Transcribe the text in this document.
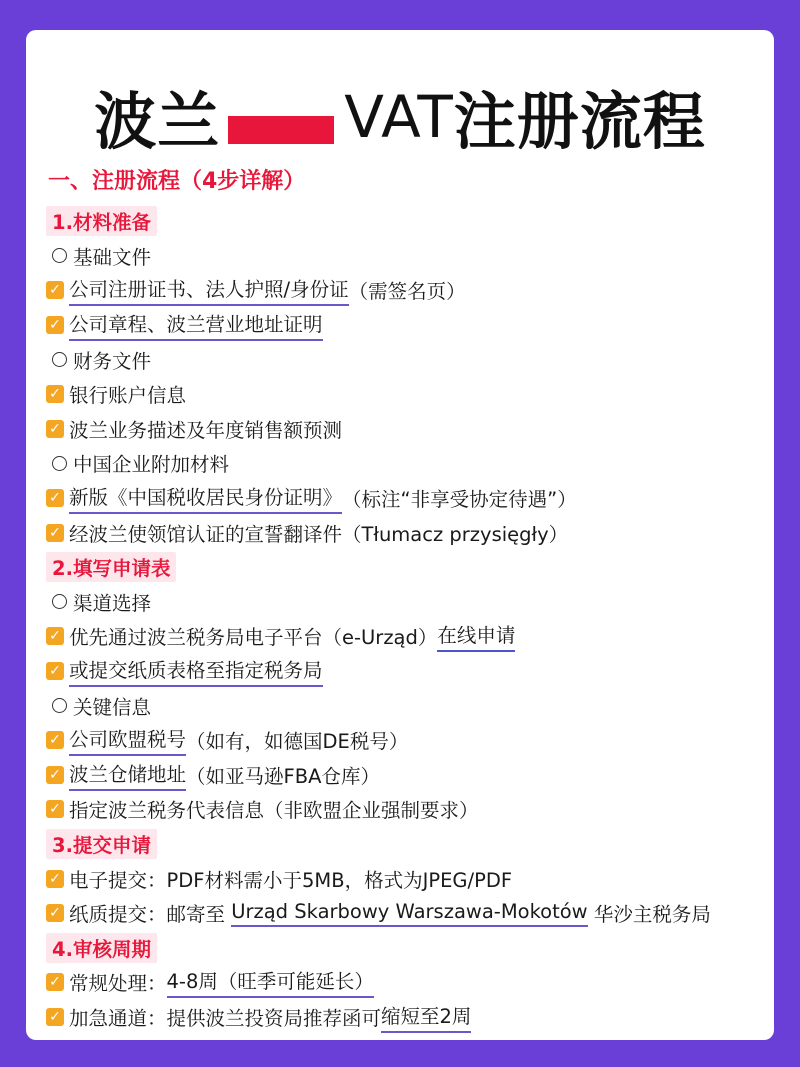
波兰 VAT 注册流程
一、注册流程（4步详解）
1.材料准备
基础文件
✓ 公司注册证书、法人护照/身份证 （需签名页）
✓ 公司章程、波兰营业地址证明
财务文件
✓ 银行账户信息
✓ 波兰业务描述及年度销售额预测
中国企业附加材料
✓ 新版《中国税收居民身份证明》 （标注“非享受协定待遇”）
✓ 经波兰使领馆认证的宣誓翻译件（Tłumacz przysięgły）
2.填写申请表
渠道选择
✓ 优先通过波兰税务局电子平台（e-Urząd） 在线申请
✓ 或提交纸质表格至指定税务局
关键信息
✓ 公司欧盟税号 （如有，如德国DE税号）
✓ 波兰仓储地址 （如亚马逊FBA仓库）
✓ 指定波兰税务代表信息（非欧盟企业强制要求）
3.提交申请
✓ 电子提交：PDF材料需小于5MB，格式为JPEG/PDF
✓ 纸质提交：邮寄至 Urząd Skarbowy Warszawa-Mokotów 华沙主税务局
4.审核周期
✓ 常规处理： 4-8周（旺季可能延长）
✓ 加急通道：提供波兰投资局推荐函可 缩短至2周
